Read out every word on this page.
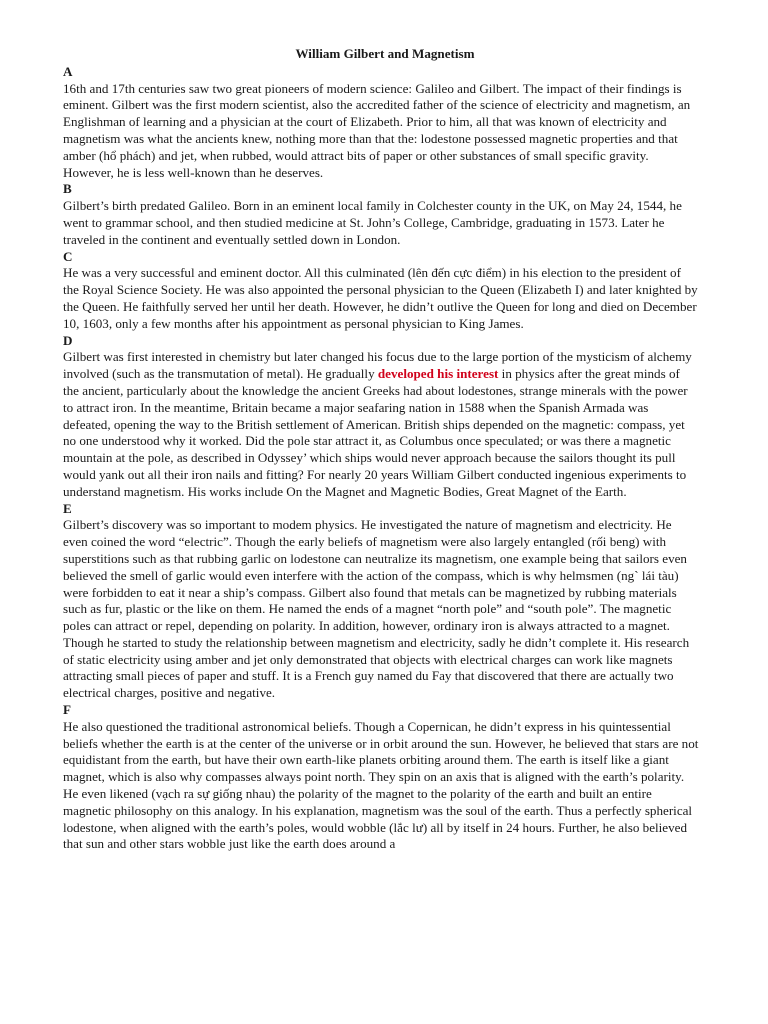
William Gilbert and Magnetism
A

16th and 17th centuries saw two great pioneers of modern science: Galileo and Gilbert. The impact of their findings is eminent. Gilbert was the first modern scientist, also the accredited father of the science of electricity and magnetism, an Englishman of learning and a physician at the court of Elizabeth. Prior to him, all that was known of electricity and magnetism was what the ancients knew, nothing more than that the: lodestone possessed magnetic properties and that amber (hổ phách) and jet, when rubbed, would attract bits of paper or other substances of small specific gravity. However, he is less well-known than he deserves.

B

Gilbert’s birth predated Galileo. Born in an eminent local family in Colchester county in the UK, on May 24, 1544, he went to grammar school, and then studied medicine at St. John’s College, Cambridge, graduating in 1573. Later he traveled in the continent and eventually settled down in London.

C

He was a very successful and eminent doctor. All this culminated (lên đến cực điểm) in his election to the president of the Royal Science Society. He was also appointed the personal physician to the Queen (Elizabeth I) and later knighted by the Queen. He faithfully served her until her death. However, he didn’t outlive the Queen for long and died on December 10, 1603, only a few months after his appointment as personal physician to King James.

D

Gilbert was first interested in chemistry but later changed his focus due to the large portion of the mysticism of alchemy involved (such as the transmutation of metal). He gradually developed his interest in physics after the great minds of the ancient, particularly about the knowledge the ancient Greeks had about lodestones, strange minerals with the power to attract iron. In the meantime, Britain became a major seafaring nation in 1588 when the Spanish Armada was defeated, opening the way to the British settlement of American. British ships depended on the magnetic: compass, yet no one understood why it worked. Did the pole star attract it, as Columbus once speculated; or was there a magnetic mountain at the pole, as described in Odyssey’ which ships would never approach because the sailors thought its pull would yank out all their iron nails and fitting? For nearly 20 years William Gilbert conducted ingenious experiments to understand magnetism. His works include On the Magnet and Magnetic Bodies, Great Magnet of the Earth.

E

Gilbert’s discovery was so important to modem physics. He investigated the nature of magnetism and electricity. He even coined the word “electric”. Though the early beliefs of magnetism were also largely entangled (rối beng) with superstitions such as that rubbing garlic on lodestone can neutralize its magnetism, one example being that sailors even believed the smell of garlic would even interfere with the action of the compass, which is why helmsmen (ngˋ lái tàu) were forbidden to eat it near a ship’s compass. Gilbert also found that metals can be magnetized by rubbing materials such as fur, plastic or the like on them. He named the ends of a magnet “north pole” and “south pole”. The magnetic poles can attract or repel, depending on polarity. In addition, however, ordinary iron is always attracted to a magnet. Though he started to study the relationship between magnetism and electricity, sadly he didn’t complete it. His research of static electricity using amber and jet only demonstrated that objects with electrical charges can work like magnets attracting small pieces of paper and stuff. It is a French guy named du Fay that discovered that there are actually two electrical charges, positive and negative.

F

He also questioned the traditional astronomical beliefs. Though a Copernican, he didn’t express in his quintessential beliefs whether the earth is at the center of the universe or in orbit around the sun. However, he believed that stars are not equidistant from the earth, but have their own earth-like planets orbiting around them. The earth is itself like a giant magnet, which is also why compasses always point north. They spin on an axis that is aligned with the earth’s polarity. He even likened (vạch ra sự giống nhau) the polarity of the magnet to the polarity of the earth and built an entire magnetic philosophy on this analogy. In his explanation, magnetism was the soul of the earth. Thus a perfectly spherical lodestone, when aligned with the earth’s poles, would wobble (lắc lư) all by itself in 24 hours. Further, he also believed that sun and other stars wobble just like the earth does around a
